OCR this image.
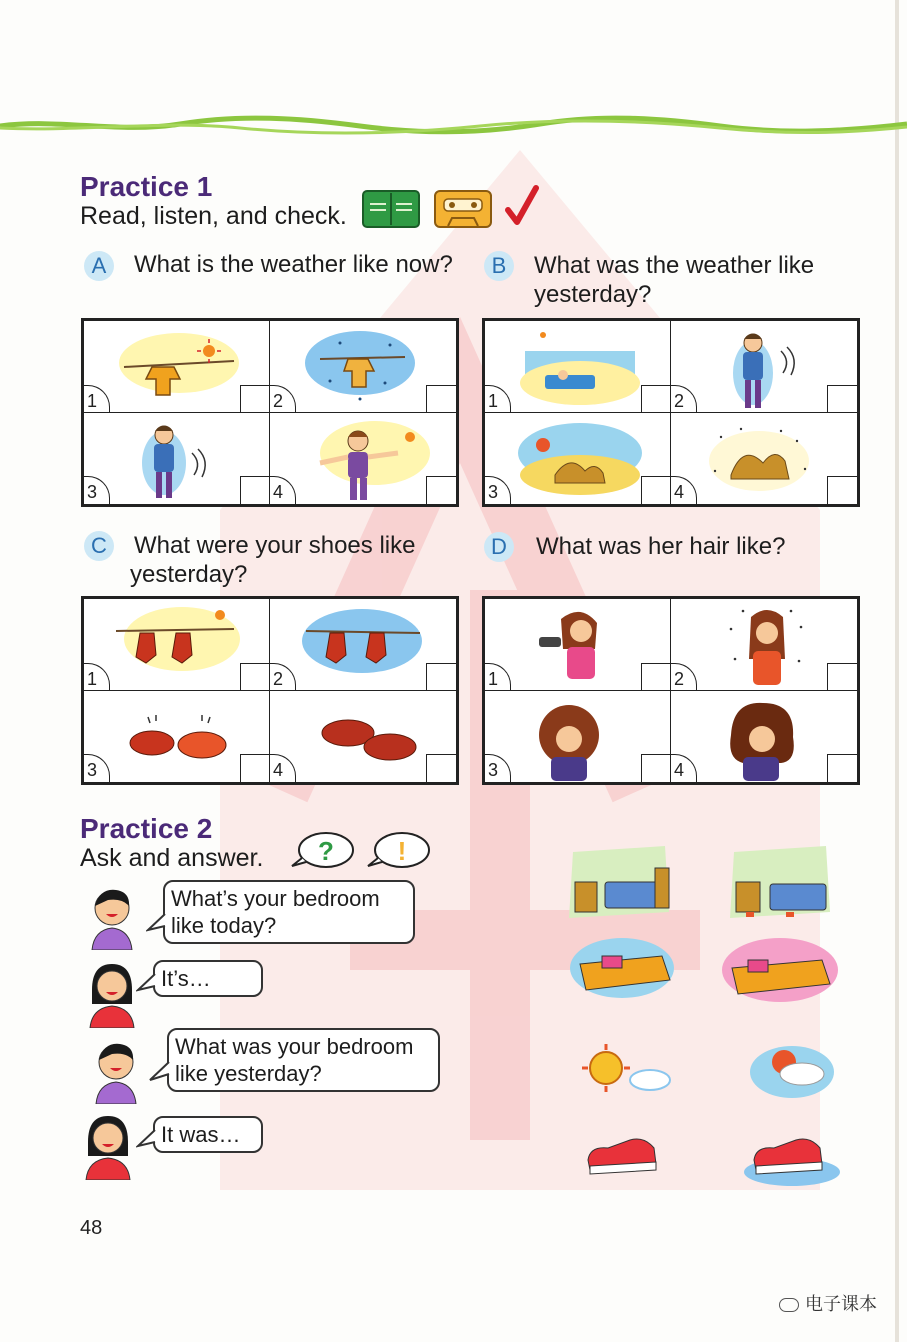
Practice 1
Read, listen, and check.
A	What is the weather like now?	B	What was the weather like
yesterday?
1	2
3	4
1	2
3	4
C What were your shoes like
yesterday?
D What was her hair like?
1	2
3	4
1	2
3	4
Practice 2
Ask and answer. ? !
What’s your bedroom
like today?
It’s…
What was your bedroom
like yesterday?
It was…
48
电子课本
